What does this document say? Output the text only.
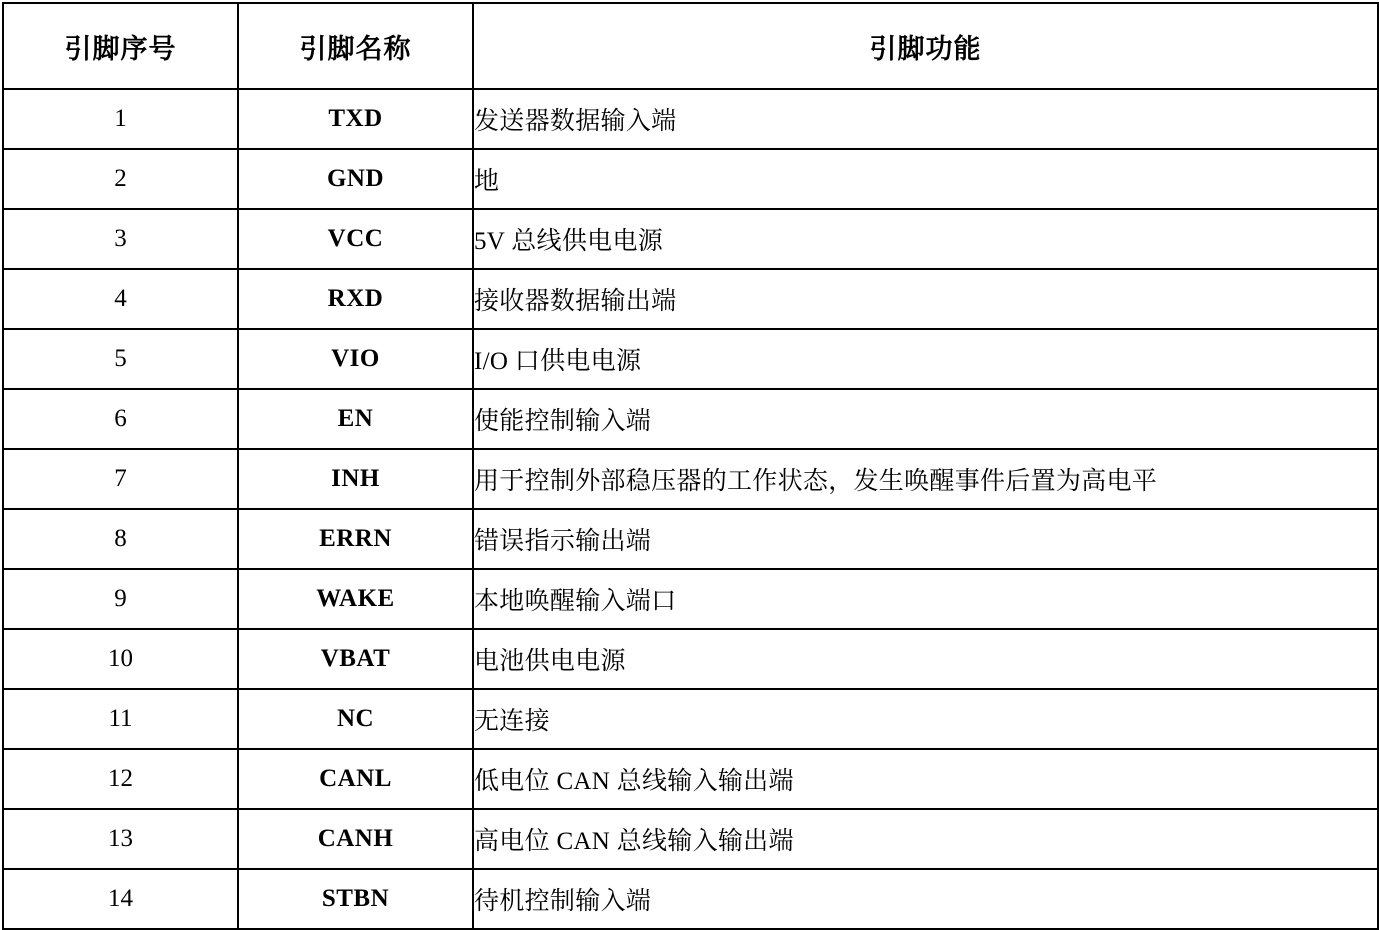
引脚序号	引脚名称	引脚功能
1	TXD	发送器数据输入端
2	GND	地
3	VCC	5V 总线供电电源
4	RXD	接收器数据输出端
5	VIO	I/O 口供电电源
6	EN	使能控制输入端
7	INH	用于控制外部稳压器的工作状态，发生唤醒事件后置为高电平
8	ERRN	错误指示输出端
9	WAKE	本地唤醒输入端口
10	VBAT	电池供电电源
11	NC	无连接
12	CANL	低电位 CAN 总线输入输出端
13	CANH	高电位 CAN 总线输入输出端
14	STBN	待机控制输入端
